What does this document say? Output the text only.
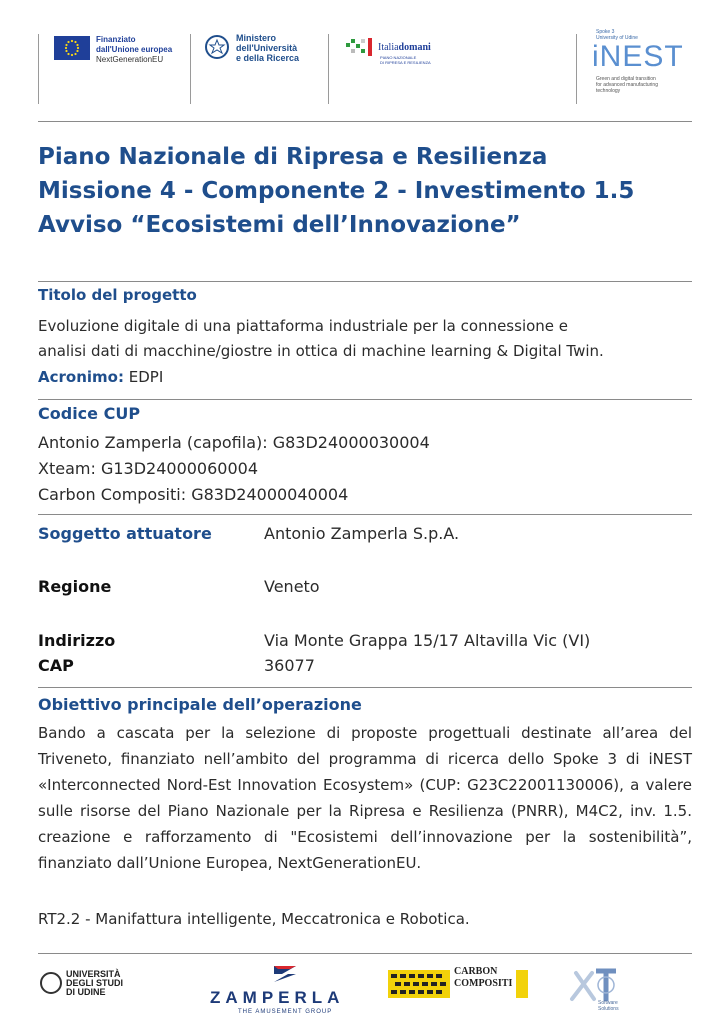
Finanziato
dall'Unione europea
NextGenerationEU
Ministero
dell'Università
e della Ricerca
Italiadomani
PIANO NAZIONALE
DI RIPRESA E RESILIENZA
Spoke 3
University of Udine
iNEST
Green and digital transition
for advanced manufacturing
technology
Piano Nazionale di Ripresa e Resilienza
Missione 4 - Componente 2 - Investimento 1.5
Avviso “Ecosistemi dell’Innovazione”
Titolo del progetto
Evoluzione digitale di una piattaforma industriale per la connessione e
analisi dati di macchine/giostre in ottica di machine learning & Digital Twin.
Acronimo: EDPI
Codice CUP
Antonio Zamperla (capofila): G83D24000030004
Xteam: G13D24000060004
Carbon Compositi: G83D24000040004
Soggetto attuatore	Antonio Zamperla S.p.A.
Regione	Veneto
Indirizzo	Via Monte Grappa 15/17 Altavilla Vic (VI)
CAP	36077
Obiettivo principale dell’operazione
Bando a cascata per la selezione di proposte progettuali destinate all’area del Triveneto, finanziato nell’ambito del programma di ricerca dello Spoke 3 di iNEST «Interconnected Nord-Est Innovation Ecosystem» (CUP: G23C22001130006), a valere sulle risorse del Piano Nazionale per la Ripresa e Resilienza (PNRR), M4C2, inv. 1.5. creazione e rafforzamento di "Ecosistemi dell’innovazione per la sostenibilità”, finanziato dall’Unione Europea, NextGenerationEU.
RT2.2 - Manifattura intelligente, Meccatronica e Robotica.
UNIVERSITÀ
DEGLI STUDI
DI UDINE	ZAMPERLA
THE AMUSEMENT GROUP
CARBON
COMPOSITI
Software
Solutions
